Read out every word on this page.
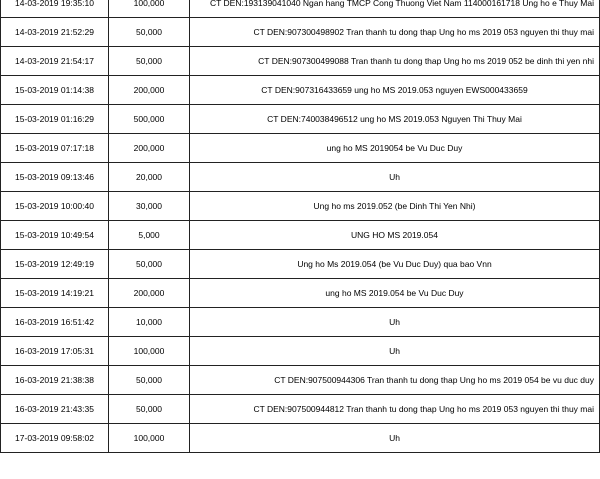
14-03-2019 19:35:10	100,000	CT DEN:193139041040 Ngan hang TMCP Cong Thuong Viet Nam 114000161718 Ung ho e Thuy Mai
14-03-2019 21:52:29	50,000	CT DEN:907300498902 Tran thanh tu dong thap Ung ho ms 2019 053 nguyen thi thuy mai
14-03-2019 21:54:17	50,000	CT DEN:907300499088 Tran thanh tu dong thap Ung ho ms 2019 052 be dinh thi yen nhi
15-03-2019 01:14:38	200,000	CT DEN:907316433659 ung ho MS 2019.053 nguyen EWS000433659
15-03-2019 01:16:29	500,000	CT DEN:740038496512 ung ho MS 2019.053 Nguyen Thi Thuy Mai
15-03-2019 07:17:18	200,000	ung ho MS 2019054 be Vu Duc Duy
15-03-2019 09:13:46	20,000	Uh
15-03-2019 10:00:40	30,000	Ung ho ms 2019.052 (be Dinh Thi Yen Nhi)
15-03-2019 10:49:54	5,000	UNG HO MS 2019.054
15-03-2019 12:49:19	50,000	Ung ho Ms 2019.054 (be Vu Duc Duy) qua bao Vnn
15-03-2019 14:19:21	200,000	ung ho MS 2019.054 be Vu Duc Duy
16-03-2019 16:51:42	10,000	Uh
16-03-2019 17:05:31	100,000	Uh
16-03-2019 21:38:38	50,000	CT DEN:907500944306 Tran thanh tu dong thap Ung ho ms 2019 054 be vu duc duy
16-03-2019 21:43:35	50,000	CT DEN:907500944812 Tran thanh tu dong thap Ung ho ms 2019 053 nguyen thi thuy mai
17-03-2019 09:58:02	100,000	Uh
